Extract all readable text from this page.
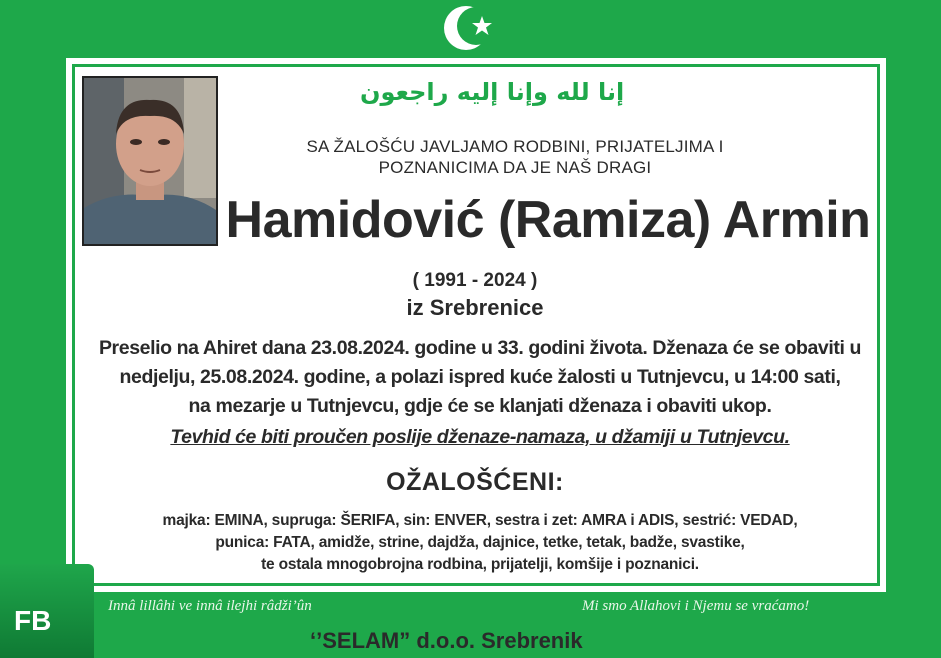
إنا لله وإنا إليه راجعون
SA ŽALOŠĆU JAVLJAMO RODBINI, PRIJATELJIMA I
POZNANICIMA DA JE NAŠ DRAGI
Hamidović (Ramiza) Armin
( 1991 - 2024 )
iz Srebrenice
Preselio na Ahiret dana 23.08.2024. godine u 33. godini života. Dženaza će se obaviti u
nedjelju, 25.08.2024. godine, a polazi ispred kuće žalosti u Tutnjevcu, u 14:00 sati,
na mezarje u Tutnjevcu, gdje će se klanjati dženaza i obaviti ukop.
Tevhid će biti proučen poslije dženaze-namaza, u džamiji u Tutnjevcu.
OŽALOŠĆENI:
majka: EMINA, supruga: ŠERIFA, sin: ENVER, sestra i zet: AMRA i ADIS, sestrić: VEDAD,
punica: FATA, amidže, strine, dajdža, dajnice, tetke, tetak, badže, svastike,
te ostala mnogobrojna rodbina, prijatelji, komšije i poznanici.
Innâ lillâhi ve innâ ilejhi râdži’ûn	Mi smo Allahovi i Njemu se vraćamo!
‘’SELAM” d.o.o. Srebrenik
FB
